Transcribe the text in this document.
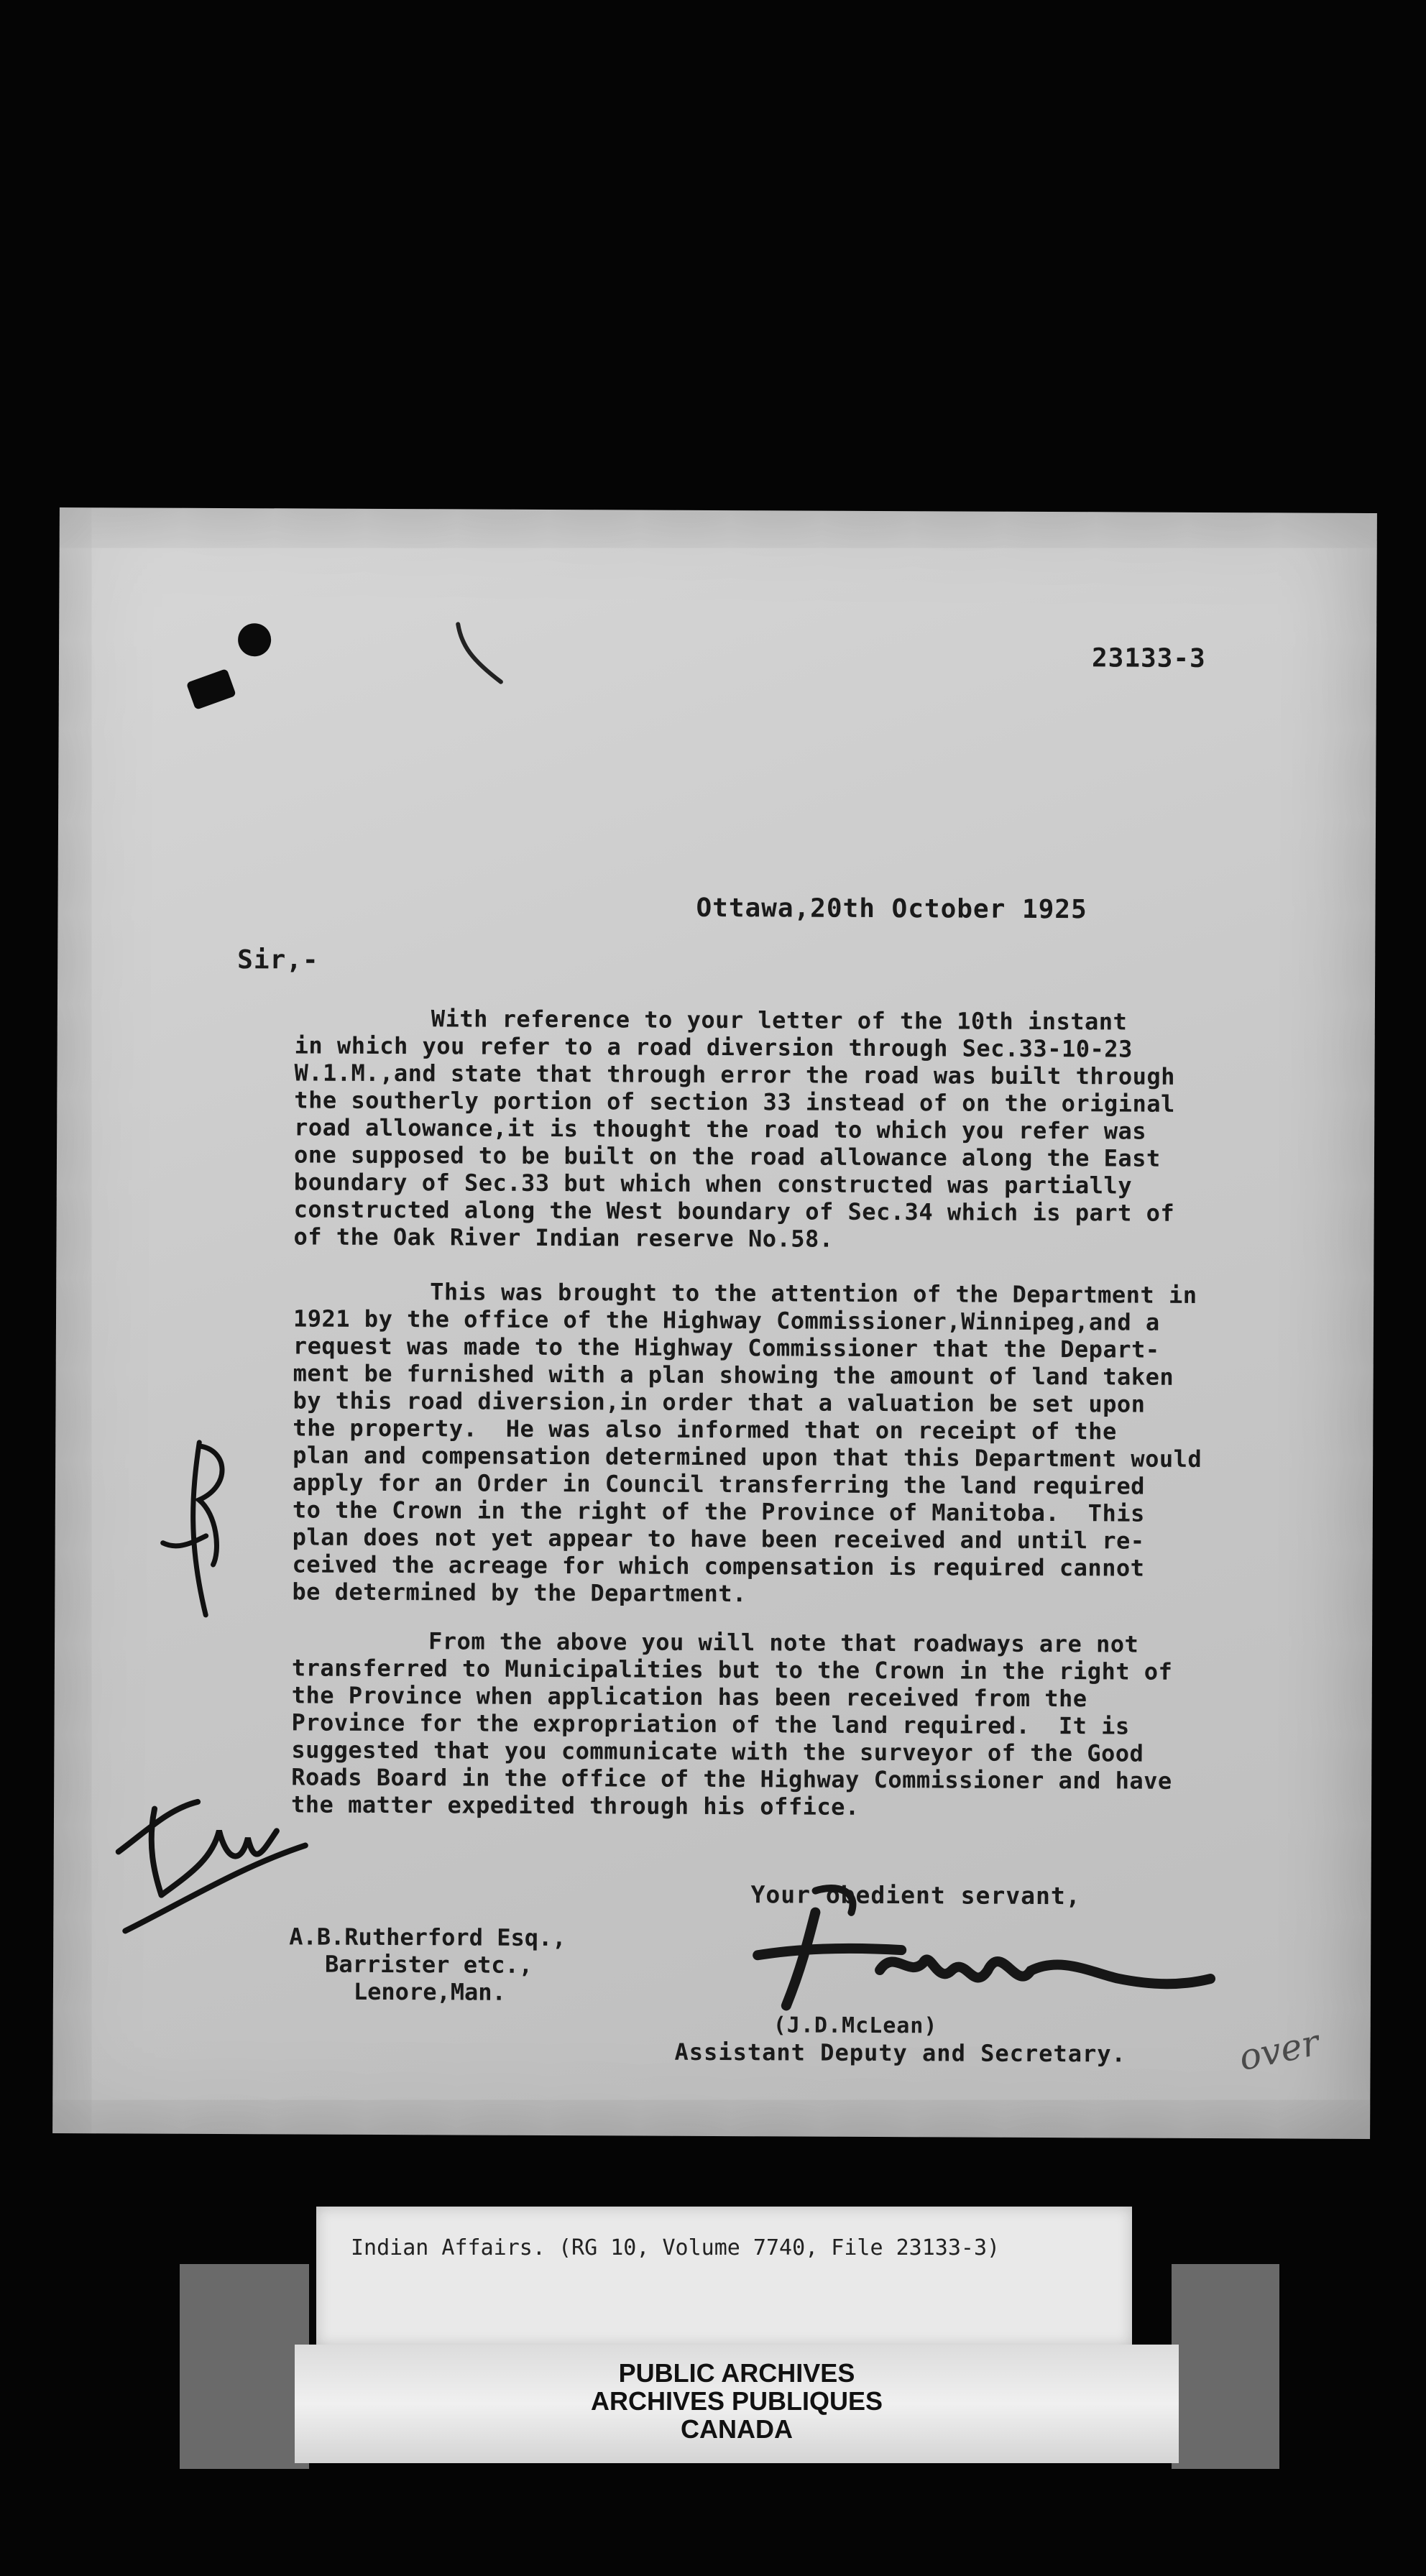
23133-3
Ottawa,20th October 1925
Sir,-
With reference to your letter of the 10th instant
in which you refer to a road diversion through Sec.33-10-23
W.1.M.,and state that through error the road was built through
the southerly portion of section 33 instead of on the original
road allowance,it is thought the road to which you refer was
one supposed to be built on the road allowance along the East
boundary of Sec.33 but which when constructed was partially
constructed along the West boundary of Sec.34 which is part of
of the Oak River Indian reserve No.58.
This was brought to the attention of the Department in
1921 by the office of the Highway Commissioner,Winnipeg,and a
request was made to the Highway Commissioner that the Depart-
ment be furnished with a plan showing the amount of land taken
by this road diversion,in order that a valuation be set upon
the property.  He was also informed that on receipt of the
plan and compensation determined upon that this Department would
apply for an Order in Council transferring the land required
to the Crown in the right of the Province of Manitoba.  This
plan does not yet appear to have been received and until re-
ceived the acreage for which compensation is required cannot
be determined by the Department.
From the above you will note that roadways are not
transferred to Municipalities but to the Crown in the right of
the Province when application has been received from the
Province for the expropriation of the land required.  It is
suggested that you communicate with the surveyor of the Good
Roads Board in the office of the Highway Commissioner and have
the matter expedited through his office.
Your obedient servant,
A.B.Rutherford Esq.,
Barrister etc.,
Lenore,Man.
(J.D.McLean)
Assistant Deputy and Secretary.	over
Indian Affairs. (RG 10, Volume 7740, File 23133-3)
PUBLIC ARCHIVES
ARCHIVES PUBLIQUES
CANADA
